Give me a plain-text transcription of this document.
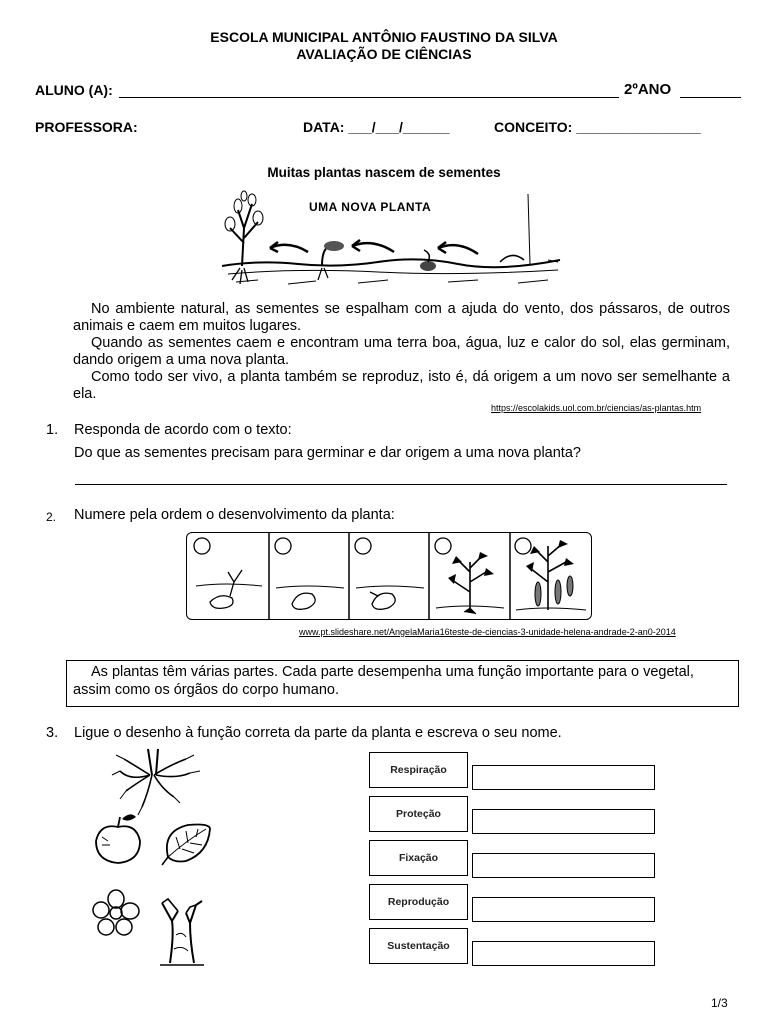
ESCOLA MUNICIPAL ANTÔNIO FAUSTINO DA SILVA
AVALIAÇÃO DE CIÊNCIAS
ALUNO (A):	2ºANO
PROFESSORA:	DATA: ___/___/______	CONCEITO: ________________
Muitas plantas nascem de sementes
UMA NOVA PLANTA
No ambiente natural, as sementes se espalham com a ajuda do vento, dos pássaros, de outros animais e caem em muitos lugares.
Quando as sementes caem e encontram uma terra boa, água, luz e calor do sol, elas germinam, dando origem a uma nova planta.
Como todo ser vivo, a planta também se reproduz, isto é, dá origem a um novo ser semelhante a ela.
https://escolakids.uol.com.br/ciencias/as-plantas.htm
1. Responda de acordo com o texto:
Do que as sementes precisam para germinar e dar origem a uma nova planta?
2. Numere pela ordem o desenvolvimento da planta:
www.pt.slideshare.net/AngelaMaria16teste-de-ciencias-3-unidade-helena-andrade-2-an0-2014
As plantas têm várias partes. Cada parte desempenha uma função importante para o vegetal, assim como os órgãos do corpo humano.
3. Ligue o desenho à função correta da parte da planta e escreva o seu nome.
Respiração
Proteção
Fixação
Reprodução
Sustentação
1/3
